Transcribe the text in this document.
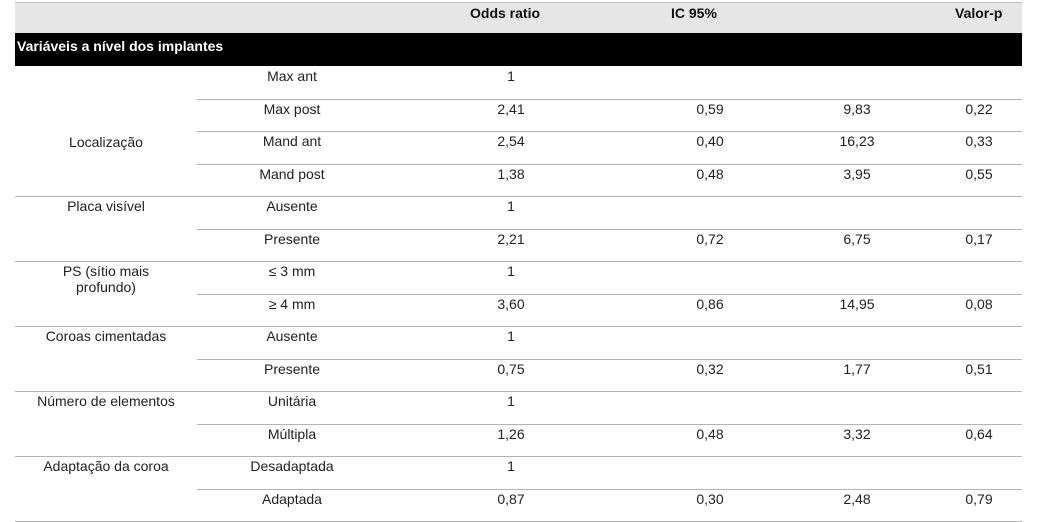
Odds ratio	IC 95%	Valor-p
Variáveis a nível dos implantes
Localização
Max ant	1
Max post	2,41	0,59	9,83	0,22
Mand ant	2,54	0,40	16,23	0,33
Mand post	1,38	0,48	3,95	0,55
Placa visível	Ausente	1
Presente	2,21	0,72	6,75	0,17
PS (sítio mais
profundo)
≤ 3 mm	1
≥ 4 mm	3,60	0,86	14,95	0,08
Coroas cimentadas	Ausente	1
Presente	0,75	0,32	1,77	0,51
Número de elementos	Unitária	1
Múltipla	1,26	0,48	3,32	0,64
Adaptação da coroa	Desadaptada	1
Adaptada	0,87	0,30	2,48	0,79
